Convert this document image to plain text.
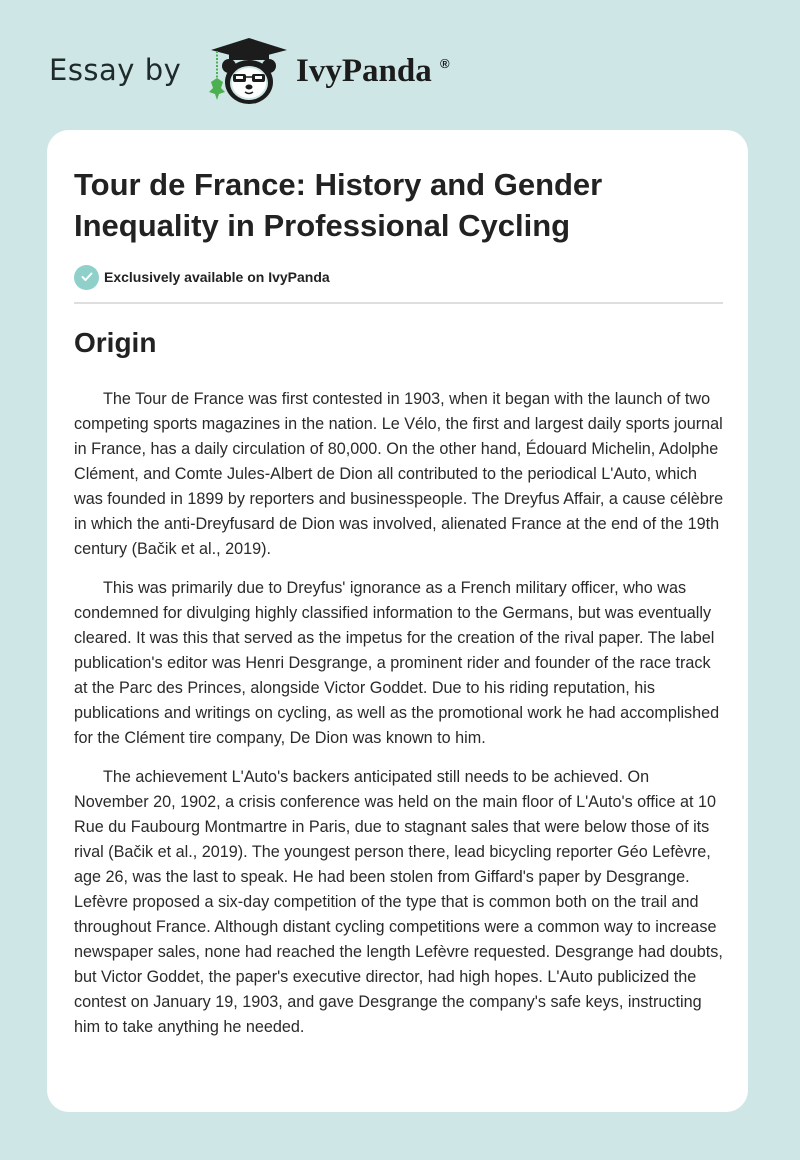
Essay by	IvyPanda ®
Tour de France: History and Gender Inequality in Professional Cycling
Exclusively available on IvyPanda
Origin

The Tour de France was first contested in 1903, when it began with the launch of two competing sports magazines in the nation. Le Vélo, the first and largest daily sports journal in France, has a daily circulation of 80,000. On the other hand, Édouard Michelin, Adolphe Clément, and Comte Jules-Albert de Dion all contributed to the periodical L'Auto, which was founded in 1899 by reporters and businesspeople. The Dreyfus Affair, a cause célèbre in which the anti-Dreyfusard de Dion was involved, alienated France at the end of the 19th century (Bačik et al., 2019).

This was primarily due to Dreyfus' ignorance as a French military officer, who was condemned for divulging highly classified information to the Germans, but was eventually cleared. It was this that served as the impetus for the creation of the rival paper. The label publication's editor was Henri Desgrange, a prominent rider and founder of the race track at the Parc des Princes, alongside Victor Goddet. Due to his riding reputation, his publications and writings on cycling, as well as the promotional work he had accomplished for the Clément tire company, De Dion was known to him.

The achievement L'Auto's backers anticipated still needs to be achieved. On November 20, 1902, a crisis conference was held on the main floor of L'Auto's office at 10 Rue du Faubourg Montmartre in Paris, due to stagnant sales that were below those of its rival (Bačik et al., 2019). The youngest person there, lead bicycling reporter Géo Lefèvre, age 26, was the last to speak. He had been stolen from Giffard's paper by Desgrange. Lefèvre proposed a six-day competition of the type that is common both on the trail and throughout France. Although distant cycling competitions were a common way to increase newspaper sales, none had reached the length Lefèvre requested. Desgrange had doubts, but Victor Goddet, the paper's executive director, had high hopes. L'Auto publicized the contest on January 19, 1903, and gave Desgrange the company's safe keys, instructing him to take anything he needed.
